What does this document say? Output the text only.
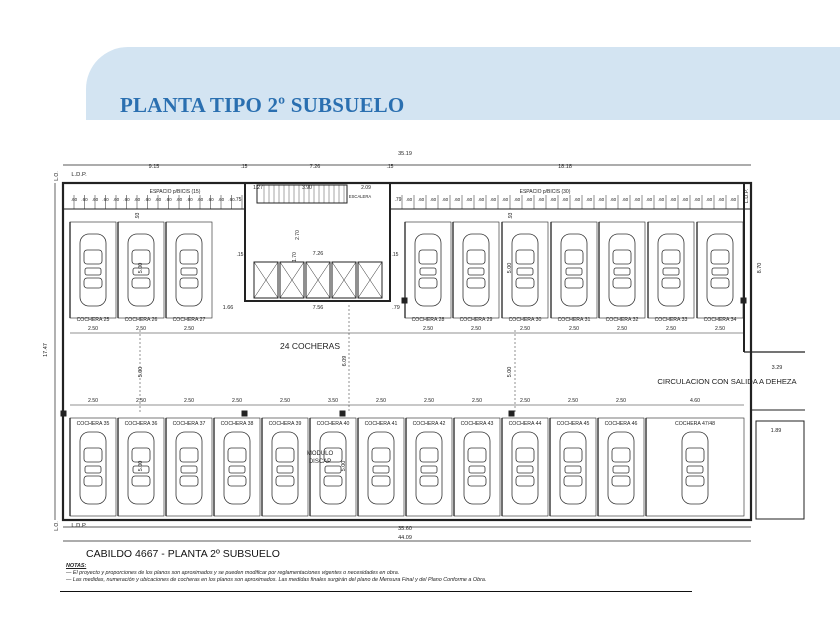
PLANTA TIPO 2º SUBSUELO
COCHERA 25
2.50
COCHERA 26
2.50
COCHERA 27
2.50
COCHERA 28
2.50
COCHERA 29
2.50
COCHERA 30
2.50
COCHERA 31
2.50
COCHERA 32
2.50
COCHERA 33
2.50
COCHERA 34
2.50
COCHERA 35
2.50
COCHERA 36
2.50
COCHERA 37
2.50
COCHERA 38
2.50
COCHERA 39
2.50
COCHERA 40
3.50
COCHERA 41
2.50
COCHERA 42
2.50
COCHERA 43
2.50
COCHERA 44
2.50
COCHERA 45
2.50
COCHERA 46
2.50
COCHERA 47/48
4.60
L.D.P.
L.D.P.
L.D.P.
L.O.
L.O.
ESPACIO p/BICIS (15)	ESPACIO p/BICIS (30)
ESCALERA
24 COCHERAS
CIRCULACION CON SALIDA A DEHEZA
MODULO
DISCAP
35.19
9.15	7.26	18.18
.15	.15
1.27	3.90	2.09
2.70
1.70	7.26
7.56
1.66	.79
.15	.15
.93	.93
.75	.79
.60 .60 .60 .60 .60 .60 .60 .60 .60 .60 .60 .60 .60 .60 .60 .60	.60 .60 .60 .60 .60 .60 .60 .60 .60 .60 .60 .60 .60 .60 .60 .60 .60 .60 .60 .60 .60 .60 .60 .60 .60 .60 .60 .60
5.00	5.00
5.00	5.00
6.09
5.00	5.00
17.47
8.70
3.29
1.89
35.60
44.09

CABILDO 4667 - PLANTA 2º SUBSUELO

NOTAS:
— El proyecto y proporciones de los planos son aproximados y se pueden modificar por reglamentaciones vigentes o necesidades en obra.
— Las medidas, numeración y ubicaciones de cocheras en los planos son aproximados. Las medidas finales surgirán del plano de Mensura Final y del Plano Conforme a Obra.
